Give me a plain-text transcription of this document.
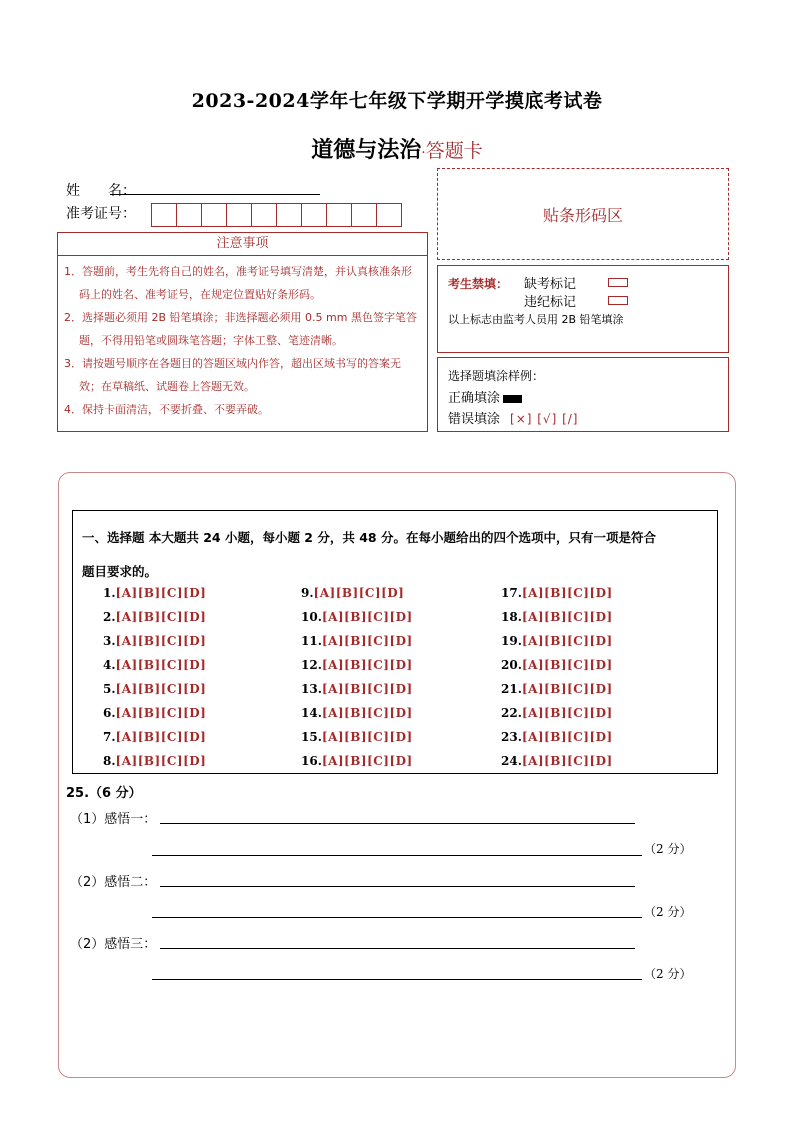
2023-2024学年七年级下学期开学摸底考试卷
道德与法治·答题卡
姓　　名：
准考证号：	贴条形码区
注意事项
1．答题前，考生先将自己的姓名，准考证号填写清楚，并认真核准条形码上的姓名、准考证号，在规定位置贴好条形码。
2．选择题必须用 2B 铅笔填涂；非选择题必须用 0.5 mm 黑色签字笔答题，不得用铅笔或圆珠笔答题；字体工整、笔迹清晰。
3．请按题号顺序在各题目的答题区域内作答，超出区域书写的答案无效；在草稿纸、试题卷上答题无效。
4．保持卡面清洁，不要折叠、不要弄破。
考生禁填： 缺考标记
违纪标记
以上标志由监考人员用 2B 铅笔填涂
选择题填涂样例：
正确填涂
错误填涂 [×] [√] [/]
一、选择题 本大题共 24 小题，每小题 2 分，共 48 分。在每小题给出的四个选项中，只有一项是符合
题目要求的。
1.[A][B][C][D]
2.[A][B][C][D]
3.[A][B][C][D]
4.[A][B][C][D]
5.[A][B][C][D]
6.[A][B][C][D]
7.[A][B][C][D]
8.[A][B][C][D]
9.[A][B][C][D]
10.[A][B][C][D]
11.[A][B][C][D]
12.[A][B][C][D]
13.[A][B][C][D]
14.[A][B][C][D]
15.[A][B][C][D]
16.[A][B][C][D]
17.[A][B][C][D]
18.[A][B][C][D]
19.[A][B][C][D]
20.[A][B][C][D]
21.[A][B][C][D]
22.[A][B][C][D]
23.[A][B][C][D]
24.[A][B][C][D]
25.（6 分）
（1）感悟一：
（2 分）
（2）感悟二：
（2 分）
（2）感悟三：
（2 分）
